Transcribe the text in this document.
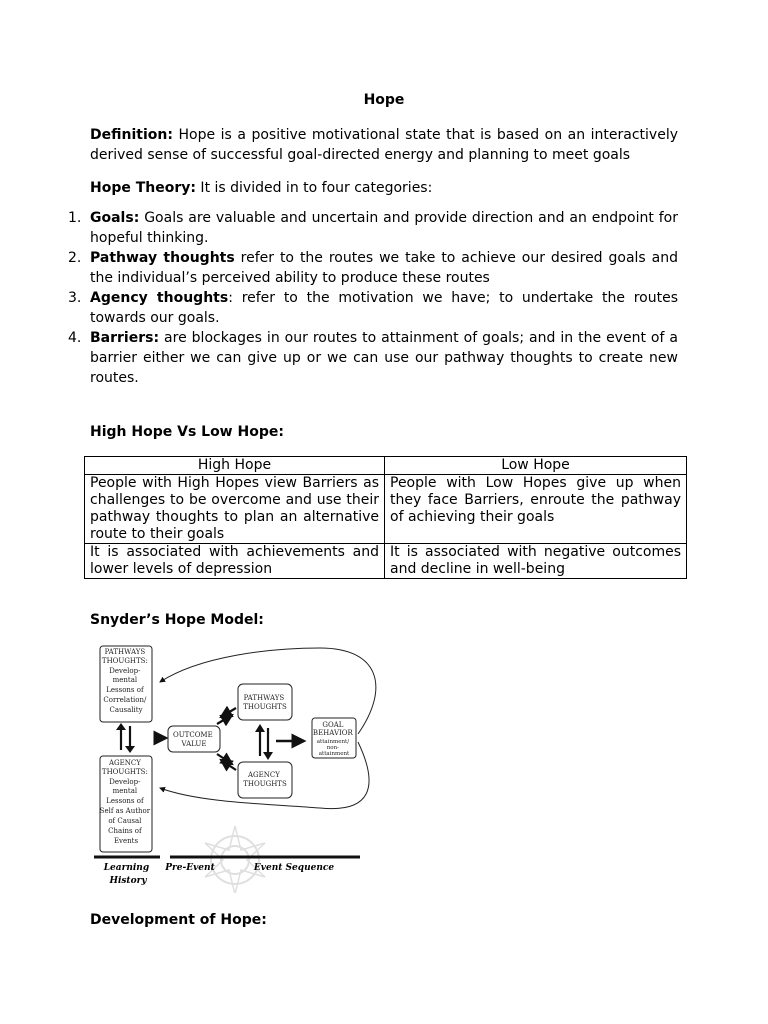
Hope

Definition: Hope is a positive motivational state that is based on an interactively derived sense of successful goal-directed energy and planning to meet goals

Hope Theory: It is divided in to four categories:

1. Goals: Goals are valuable and uncertain and provide direction and an endpoint for hopeful thinking.
2. Pathway thoughts refer to the routes we take to achieve our desired goals and the individual’s perceived ability to produce these routes
3. Agency thoughts: refer to the motivation we have; to undertake the routes towards our goals.
4. Barriers: are blockages in our routes to attainment of goals; and in the event of a barrier either we can give up or we can use our pathway thoughts to create new routes.

High Hope Vs Low Hope:

High Hope	Low Hope
People with High Hopes view Barriers as challenges to be overcome and use their pathway thoughts to plan an alternative route to their goals	People with Low Hopes give up when they face Barriers, enroute the pathway of achieving their goals
It is associated with achievements and lower levels of depression	It is associated with negative outcomes and decline in well-being

Snyder’s Hope Model:

PATHWAYS THOUGHTS: Develop- mental Lessons of Correlation/ Causality
AGENCY THOUGHTS: Develop- mental Lessons of Self as Author of Causal Chains of Events
OUTCOME VALUE
PATHWAYS THOUGHTS
AGENCY THOUGHTS
GOAL BEHAVIOR attainment/ non- attainment
Learning History
Pre-Event	Event Sequence

Development of Hope:
